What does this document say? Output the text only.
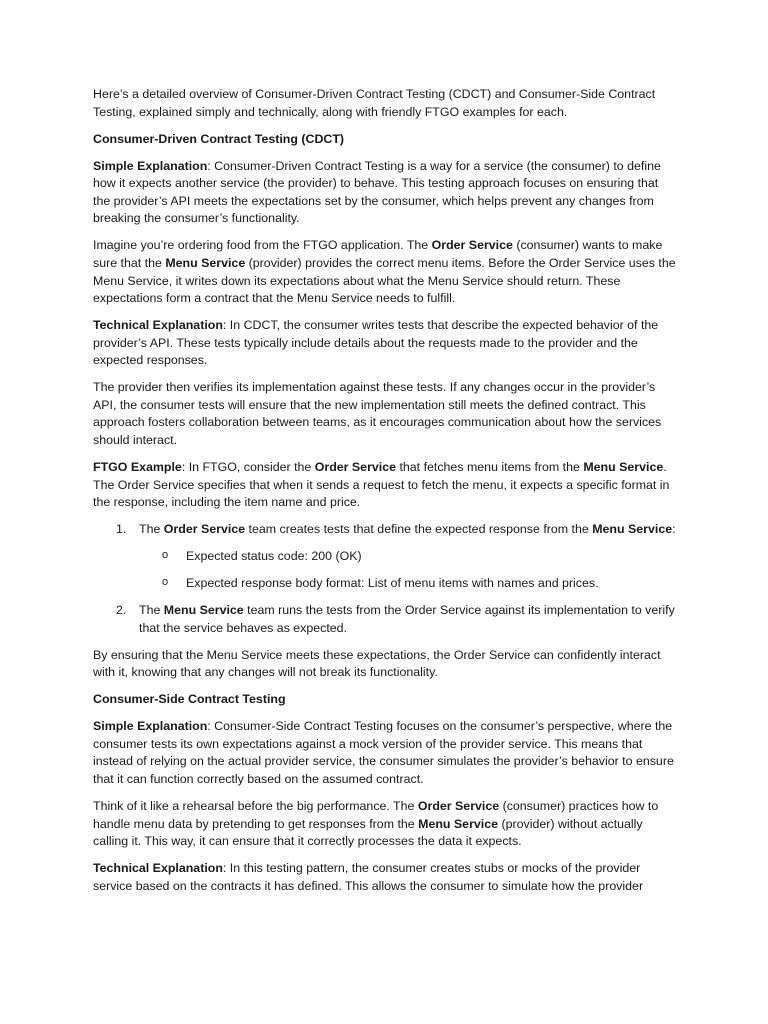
Here’s a detailed overview of Consumer-Driven Contract Testing (CDCT) and Consumer-Side Contract Testing, explained simply and technically, along with friendly FTGO examples for each.

Consumer-Driven Contract Testing (CDCT)

Simple Explanation: Consumer-Driven Contract Testing is a way for a service (the consumer) to define how it expects another service (the provider) to behave. This testing approach focuses on ensuring that the provider’s API meets the expectations set by the consumer, which helps prevent any changes from breaking the consumer’s functionality.

Imagine you’re ordering food from the FTGO application. The Order Service (consumer) wants to make sure that the Menu Service (provider) provides the correct menu items. Before the Order Service uses the Menu Service, it writes down its expectations about what the Menu Service should return. These expectations form a contract that the Menu Service needs to fulfill.

Technical Explanation: In CDCT, the consumer writes tests that describe the expected behavior of the provider’s API. These tests typically include details about the requests made to the provider and the expected responses.

The provider then verifies its implementation against these tests. If any changes occur in the provider’s API, the consumer tests will ensure that the new implementation still meets the defined contract. This approach fosters collaboration between teams, as it encourages communication about how the services should interact.

FTGO Example: In FTGO, consider the Order Service that fetches menu items from the Menu Service. The Order Service specifies that when it sends a request to fetch the menu, it expects a specific format in the response, including the item name and price.

1. The Order Service team creates tests that define the expected response from the Menu Service:
o Expected status code: 200 (OK)
o Expected response body format: List of menu items with names and prices.
2. The Menu Service team runs the tests from the Order Service against its implementation to verify that the service behaves as expected.

By ensuring that the Menu Service meets these expectations, the Order Service can confidently interact with it, knowing that any changes will not break its functionality.

Consumer-Side Contract Testing

Simple Explanation: Consumer-Side Contract Testing focuses on the consumer’s perspective, where the consumer tests its own expectations against a mock version of the provider service. This means that instead of relying on the actual provider service, the consumer simulates the provider’s behavior to ensure that it can function correctly based on the assumed contract.

Think of it like a rehearsal before the big performance. The Order Service (consumer) practices how to handle menu data by pretending to get responses from the Menu Service (provider) without actually calling it. This way, it can ensure that it correctly processes the data it expects.

Technical Explanation: In this testing pattern, the consumer creates stubs or mocks of the provider service based on the contracts it has defined. This allows the consumer to simulate how the provider
